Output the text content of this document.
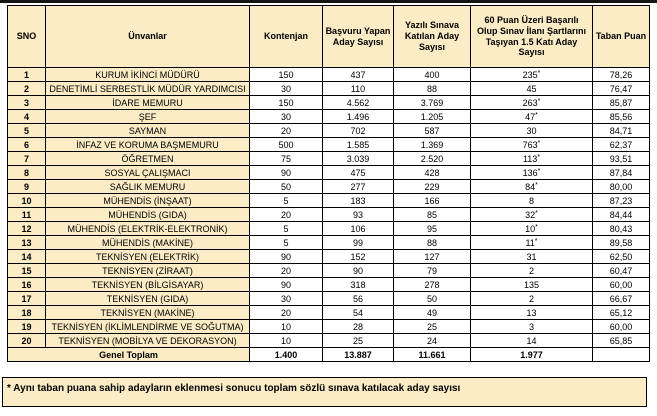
SNO	Ünvanlar	Kontenjan	Başvuru Yapan Aday Sayısı	Yazılı Sınava Katılan Aday Sayısı	60 Puan Üzeri Başarılı Olup Sınav İlanı Şartlarını Taşıyan 1.5 Katı Aday Sayısı	Taban Puan
1	KURUM İKİNCİ MÜDÜRÜ	150	437	400	235*	78,26
2	DENETİMLİ SERBESTLİK MÜDÜR YARDIMCISI	30	110	88	45	76,47
3	İDARE MEMURU	150	4.562	3.769	263*	85,87
4	ŞEF	30	1.496	1.205	47*	85,56
5	SAYMAN	20	702	587	30	84,71
6	İNFAZ VE KORUMA BAŞMEMURU	500	1.585	1.369	763*	62,37
7	ÖĞRETMEN	75	3.039	2.520	113*	93,51
8	SOSYAL ÇALIŞMACI	90	475	428	136*	87,84
9	SAĞLIK MEMURU	50	277	229	84*	80,00
10	MÜHENDİS (İNŞAAT)	5	183	166	8	87,23
11	MÜHENDİS (GIDA)	20	93	85	32*	84,44
12	MÜHENDİS (ELEKTRİK-ELEKTRONİK)	5	106	95	10*	80,43
13	MÜHENDİS (MAKİNE)	5	99	88	11*	89,58
14	TEKNİSYEN (ELEKTRİK)	90	152	127	31	62,50
15	TEKNİSYEN (ZİRAAT)	20	90	79	2	60,47
16	TEKNİSYEN (BİLGİSAYAR)	90	318	278	135	60,00
17	TEKNİSYEN (GIDA)	30	56	50	2	66,67
18	TEKNİSYEN (MAKİNE)	20	54	49	13	65,12
19	TEKNİSYEN (İKLİMLENDİRME VE SOĞUTMA)	10	28	25	3	60,00
20	TEKNİSYEN (MOBİLYA VE DEKORASYON)	10	25	24	14	65,85
Genel Toplam		1.400	13.887	11.661	1.977	
* Aynı taban puana sahip adayların eklenmesi sonucu toplam sözlü sınava katılacak aday sayısı
